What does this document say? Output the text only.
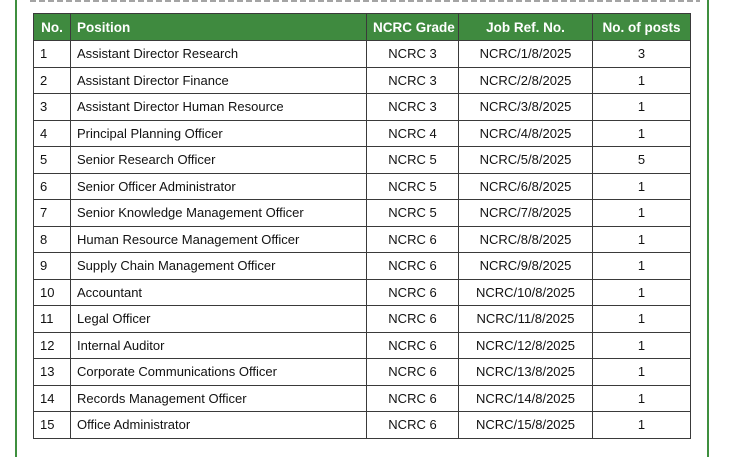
No.	Position	NCRC Grade	Job Ref. No.	No. of posts
1	Assistant Director Research	NCRC 3	NCRC/1/8/2025	3
2	Assistant Director Finance	NCRC 3	NCRC/2/8/2025	1
3	Assistant Director Human Resource	NCRC 3	NCRC/3/8/2025	1
4	Principal Planning Officer	NCRC 4	NCRC/4/8/2025	1
5	Senior Research Officer	NCRC 5	NCRC/5/8/2025	5
6	Senior Officer Administrator	NCRC 5	NCRC/6/8/2025	1
7	Senior Knowledge Management Officer	NCRC 5	NCRC/7/8/2025	1
8	Human Resource Management Officer	NCRC 6	NCRC/8/8/2025	1
9	Supply Chain Management Officer	NCRC 6	NCRC/9/8/2025	1
10	Accountant	NCRC 6	NCRC/10/8/2025	1
11	Legal Officer	NCRC 6	NCRC/11/8/2025	1
12	Internal Auditor	NCRC 6	NCRC/12/8/2025	1
13	Corporate Communications Officer	NCRC 6	NCRC/13/8/2025	1
14	Records Management Officer	NCRC 6	NCRC/14/8/2025	1
15	Office Administrator	NCRC 6	NCRC/15/8/2025	1
